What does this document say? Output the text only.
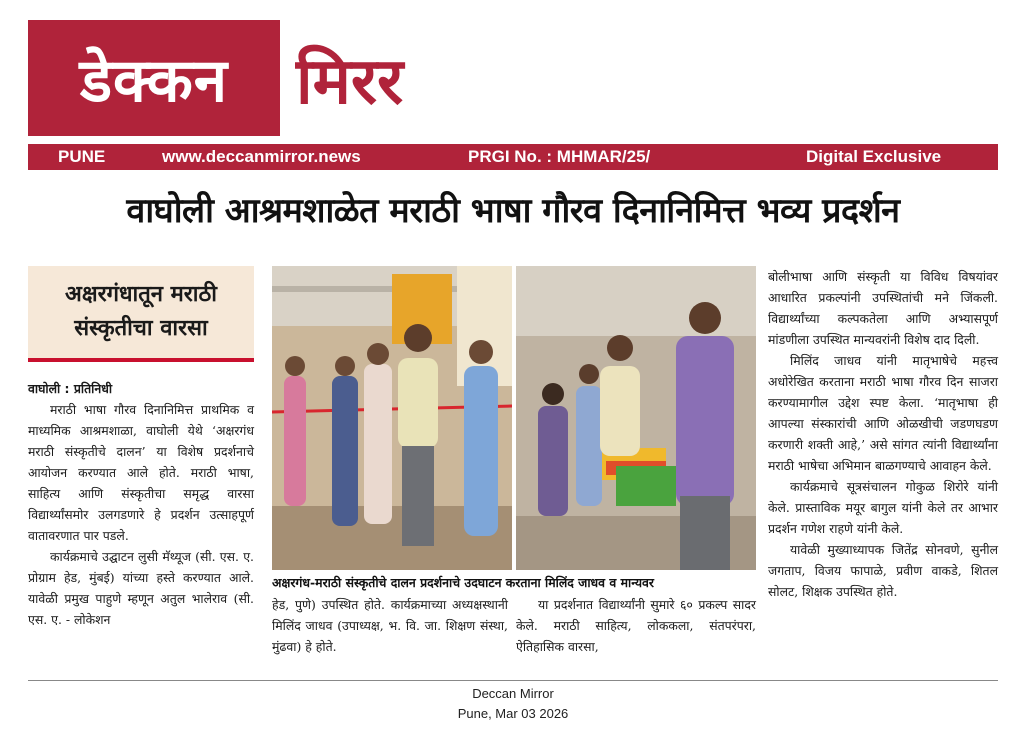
डेक्कन मिरर
PUNE	www.deccanmirror.news	PRGI No. : MHMAR/25/	Digital Exclusive
वाघोली आश्रमशाळेत मराठी भाषा गौरव दिनानिमित्त भव्य प्रदर्शन
अक्षरगंधातून मराठी
संस्कृतीचा वारसा

वाघोली : प्रतिनिधी

मराठी भाषा गौरव दिनानिमित्त प्राथमिक व माध्यमिक आश्रमशाळा, वाघोली येथे ‘अक्षरगंध मराठी संस्कृतीचे दालन’ या विशेष प्रदर्शनाचे आयोजन करण्यात आले होते. मराठी भाषा, साहित्य आणि संस्कृतीचा समृद्ध वारसा विद्यार्थ्यांसमोर उलगडणारे हे प्रदर्शन उत्साहपूर्ण वातावरणात पार पडले.

कार्यक्रमाचे उद्घाटन लुसी मॅथ्यूज (सी. एस. ए. प्रोग्राम हेड, मुंबई) यांच्या हस्ते करण्यात आले. यावेळी प्रमुख पाहुणे म्हणून अतुल भालेराव (सी. एस. ए. - लोकेशन

अक्षरगंध-मराठी संस्कृतीचे दालन प्रदर्शनाचे उदघाटन करताना मिलिंद जाधव व मान्यवर

हेड, पुणे) उपस्थित होते. कार्यक्रमाच्या अध्यक्षस्थानी मिलिंद जाधव (उपाध्यक्ष, भ. वि. जा. शिक्षण संस्था, मुंढवा) हे होते.

या प्रदर्शनात विद्यार्थ्यांनी सुमारे ६० प्रकल्प सादर केले. मराठी साहित्य, लोककला, संतपरंपरा, ऐतिहासिक वारसा,

बोलीभाषा आणि संस्कृती या विविध विषयांवर आधारित प्रकल्पांनी उपस्थितांची मने जिंकली. विद्यार्थ्यांच्या कल्पकतेला आणि अभ्यासपूर्ण मांडणीला उपस्थित मान्यवरांनी विशेष दाद दिली.

मिलिंद जाधव यांनी मातृभाषेचे महत्त्व अधोरेखित करताना मराठी भाषा गौरव दिन साजरा करण्यामागील उद्देश स्पष्ट केला. ‘मातृभाषा ही आपल्या संस्कारांची आणि ओळखीची जडणघडण करणारी शक्ती आहे,’ असे सांगत त्यांनी विद्यार्थ्यांना मराठी भाषेचा अभिमान बाळगण्याचे आवाहन केले.

कार्यक्रमाचे सूत्रसंचालन गोकुळ शिरोरे यांनी केले. प्रास्ताविक मयूर बागुल यांनी केले तर आभार प्रदर्शन गणेश राहणे यांनी केले.

यावेळी मुख्याध्यापक जितेंद्र सोनवणे, सुनील जगताप, विजय फापाळे, प्रवीण वाकडे, शितल सोलट, शिक्षक उपस्थित होते.

Deccan Mirror
Pune, Mar 03 2026
